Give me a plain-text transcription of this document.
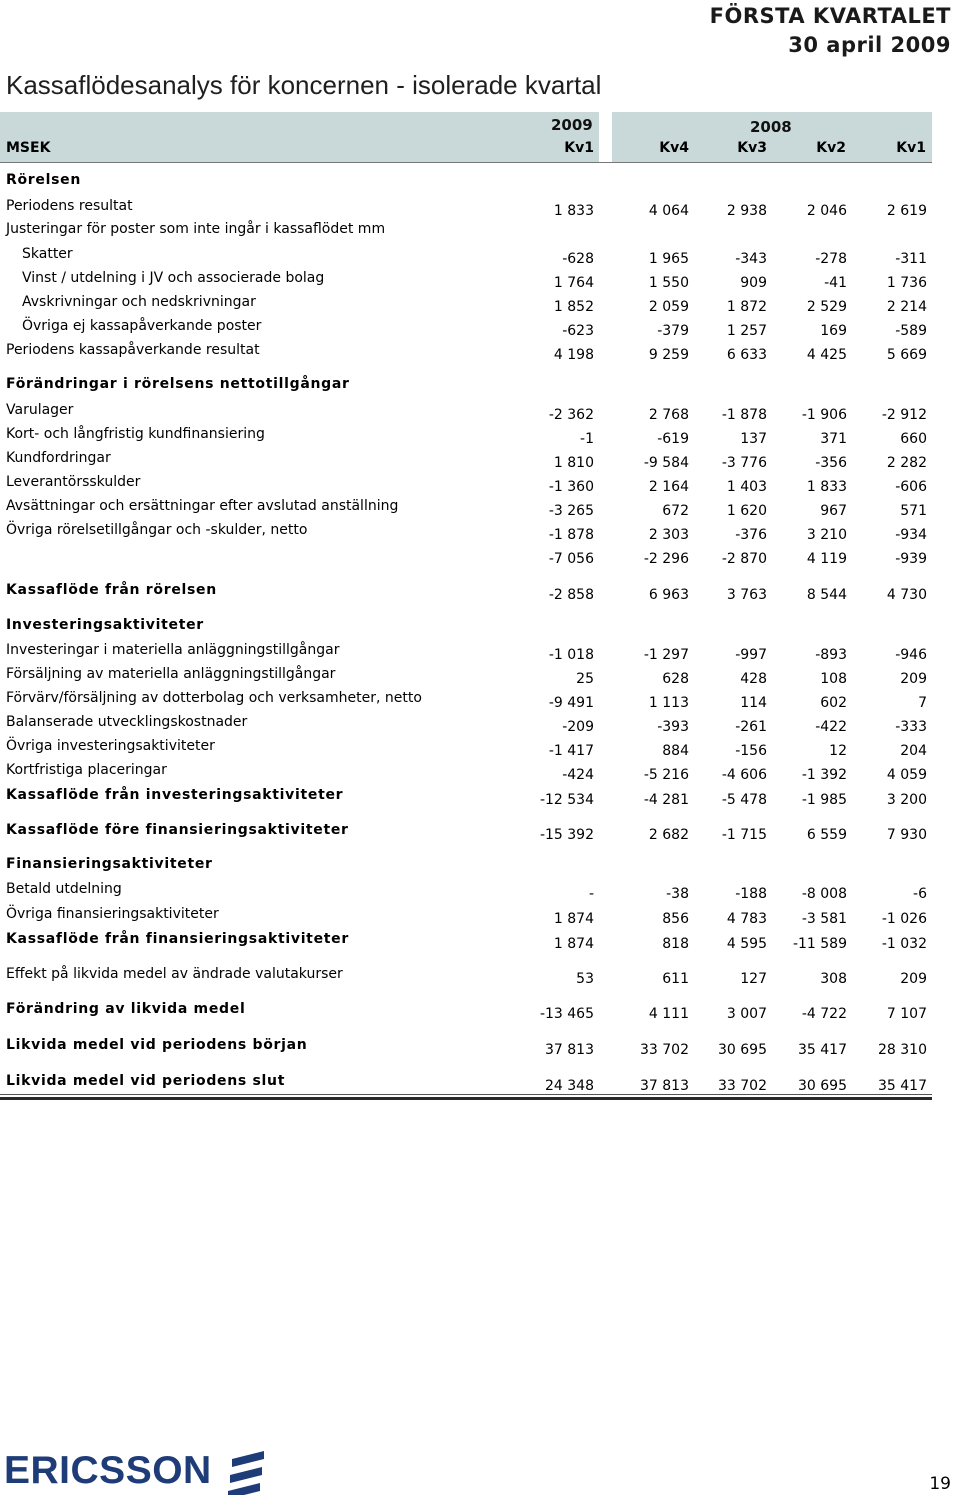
FÖRSTA KVARTALET
30 april 2009
Kassaflödesanalys för koncernen - isolerade kvartal
2009	2008
MSEK	Kv1	Kv4	Kv3	Kv2	Kv1
Rörelsen
Periodens resultat	1 833	4 064	2 938	2 046	2 619
Justeringar för poster som inte ingår i kassaflödet mm
Skatter	-628	1 965	-343	-278	-311
Vinst / utdelning i JV och associerade bolag	1 764	1 550	909	-41	1 736
Avskrivningar och nedskrivningar	1 852	2 059	1 872	2 529	2 214
Övriga ej kassapåverkande poster	-623	-379	1 257	169	-589
Periodens kassapåverkande resultat	4 198	9 259	6 633	4 425	5 669
Förändringar i rörelsens nettotillgångar
Varulager	-2 362	2 768	-1 878	-1 906	-2 912
Kort- och långfristig kundfinansiering	-1	-619	137	371	660
Kundfordringar	1 810	-9 584	-3 776	-356	2 282
Leverantörsskulder	-1 360	2 164	1 403	1 833	-606
Avsättningar och ersättningar efter avslutad anställning	-3 265	672	1 620	967	571
Övriga rörelsetillgångar och -skulder, netto	-1 878	2 303	-376	3 210	-934
-7 056	-2 296	-2 870	4 119	-939
Kassaflöde från rörelsen	-2 858	6 963	3 763	8 544	4 730
Investeringsaktiviteter
Investeringar i materiella anläggningstillgångar	-1 018	-1 297	-997	-893	-946
Försäljning av materiella anläggningstillgångar	25	628	428	108	209
Förvärv/försäljning av dotterbolag och verksamheter, netto	-9 491	1 113	114	602	7
Balanserade utvecklingskostnader	-209	-393	-261	-422	-333
Övriga investeringsaktiviteter	-1 417	884	-156	12	204
Kortfristiga placeringar	-424	-5 216	-4 606	-1 392	4 059
Kassaflöde från investeringsaktiviteter	-12 534	-4 281	-5 478	-1 985	3 200
Kassaflöde före finansieringsaktiviteter	-15 392	2 682	-1 715	6 559	7 930
Finansieringsaktiviteter
Betald utdelning	-	-38	-188	-8 008	-6
Övriga finansieringsaktiviteter	1 874	856	4 783	-3 581	-1 026
Kassaflöde från finansieringsaktiviteter	1 874	818	4 595	-11 589	-1 032
Effekt på likvida medel av ändrade valutakurser	53	611	127	308	209
Förändring av likvida medel	-13 465	4 111	3 007	-4 722	7 107
Likvida medel vid periodens början	37 813	33 702	30 695	35 417	28 310
Likvida medel vid periodens slut	24 348	37 813	33 702	30 695	35 417
ERICSSON	19
